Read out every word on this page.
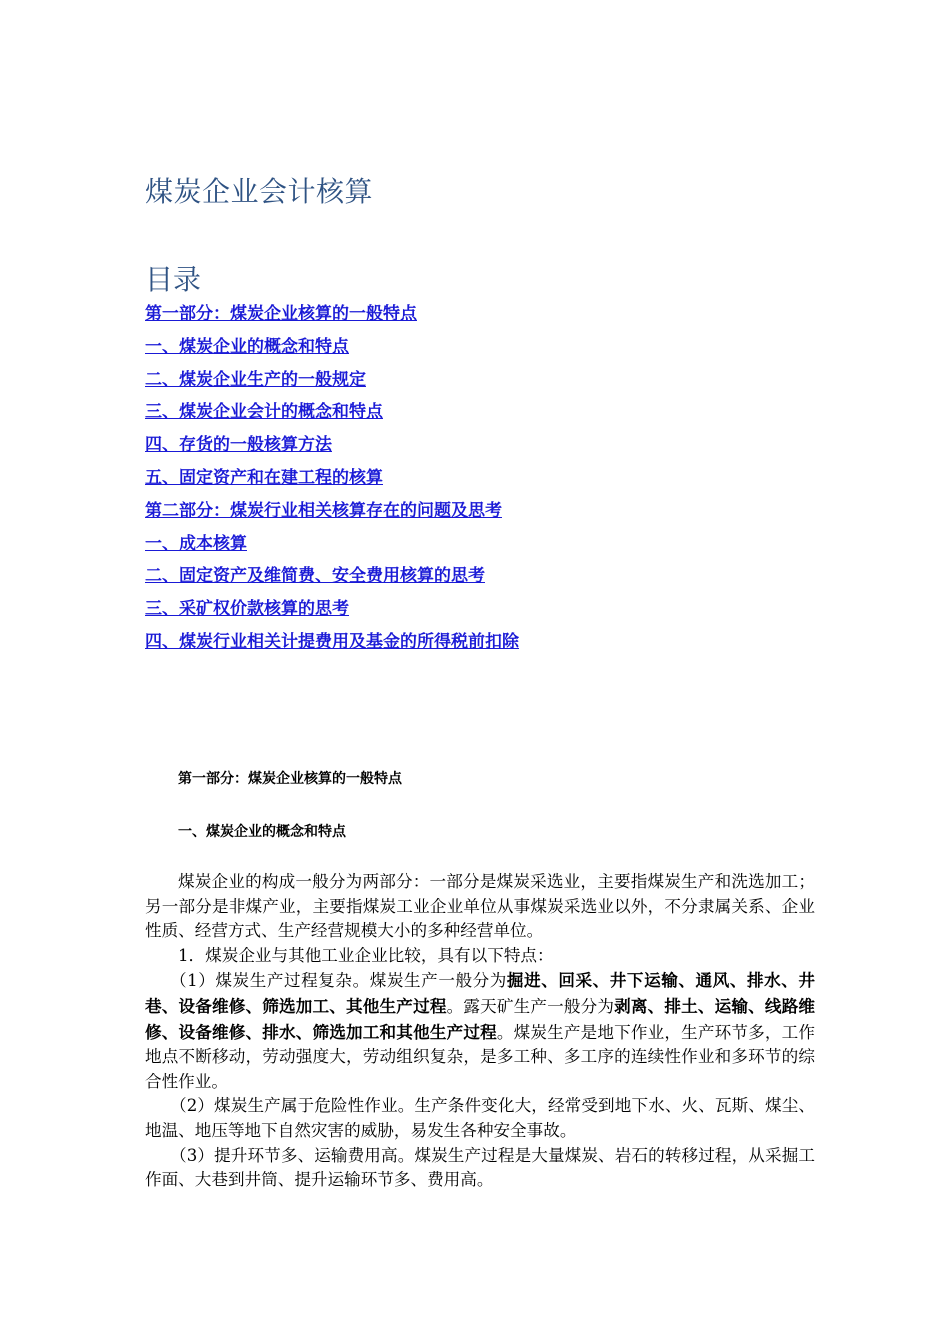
煤炭企业会计核算
目录
第一部分：煤炭企业核算的一般特点
一、煤炭企业的概念和特点
二、煤炭企业生产的一般规定
三、煤炭企业会计的概念和特点
四、存货的一般核算方法
五、固定资产和在建工程的核算
第二部分：煤炭行业相关核算存在的问题及思考
一、成本核算
二、固定资产及维简费、安全费用核算的思考
三、采矿权价款核算的思考
四、煤炭行业相关计提费用及基金的所得税前扣除
第一部分：煤炭企业核算的一般特点
一、煤炭企业的概念和特点

煤炭企业的构成一般分为两部分：一部分是煤炭采选业，主要指煤炭生产和洗选加工；另一部分是非煤产业，主要指煤炭工业企业单位从事煤炭采选业以外，不分隶属关系、企业性质、经营方式、生产经营规模大小的多种经营单位。

1．煤炭企业与其他工业企业比较，具有以下特点：

（1）煤炭生产过程复杂。煤炭生产一般分为掘进、回采、井下运输、通风、排水、井巷、设备维修、筛选加工、其他生产过程。露天矿生产一般分为剥离、排土、运输、线路维修、设备维修、排水、筛选加工和其他生产过程。煤炭生产是地下作业，生产环节多，工作地点不断移动，劳动强度大，劳动组织复杂，是多工种、多工序的连续性作业和多环节的综合性作业。

（2）煤炭生产属于危险性作业。生产条件变化大，经常受到地下水、火、瓦斯、煤尘、地温、地压等地下自然灾害的威胁，易发生各种安全事故。

（3）提升环节多、运输费用高。煤炭生产过程是大量煤炭、岩石的转移过程，从采掘工作面、大巷到井筒、提升运输环节多、费用高。
